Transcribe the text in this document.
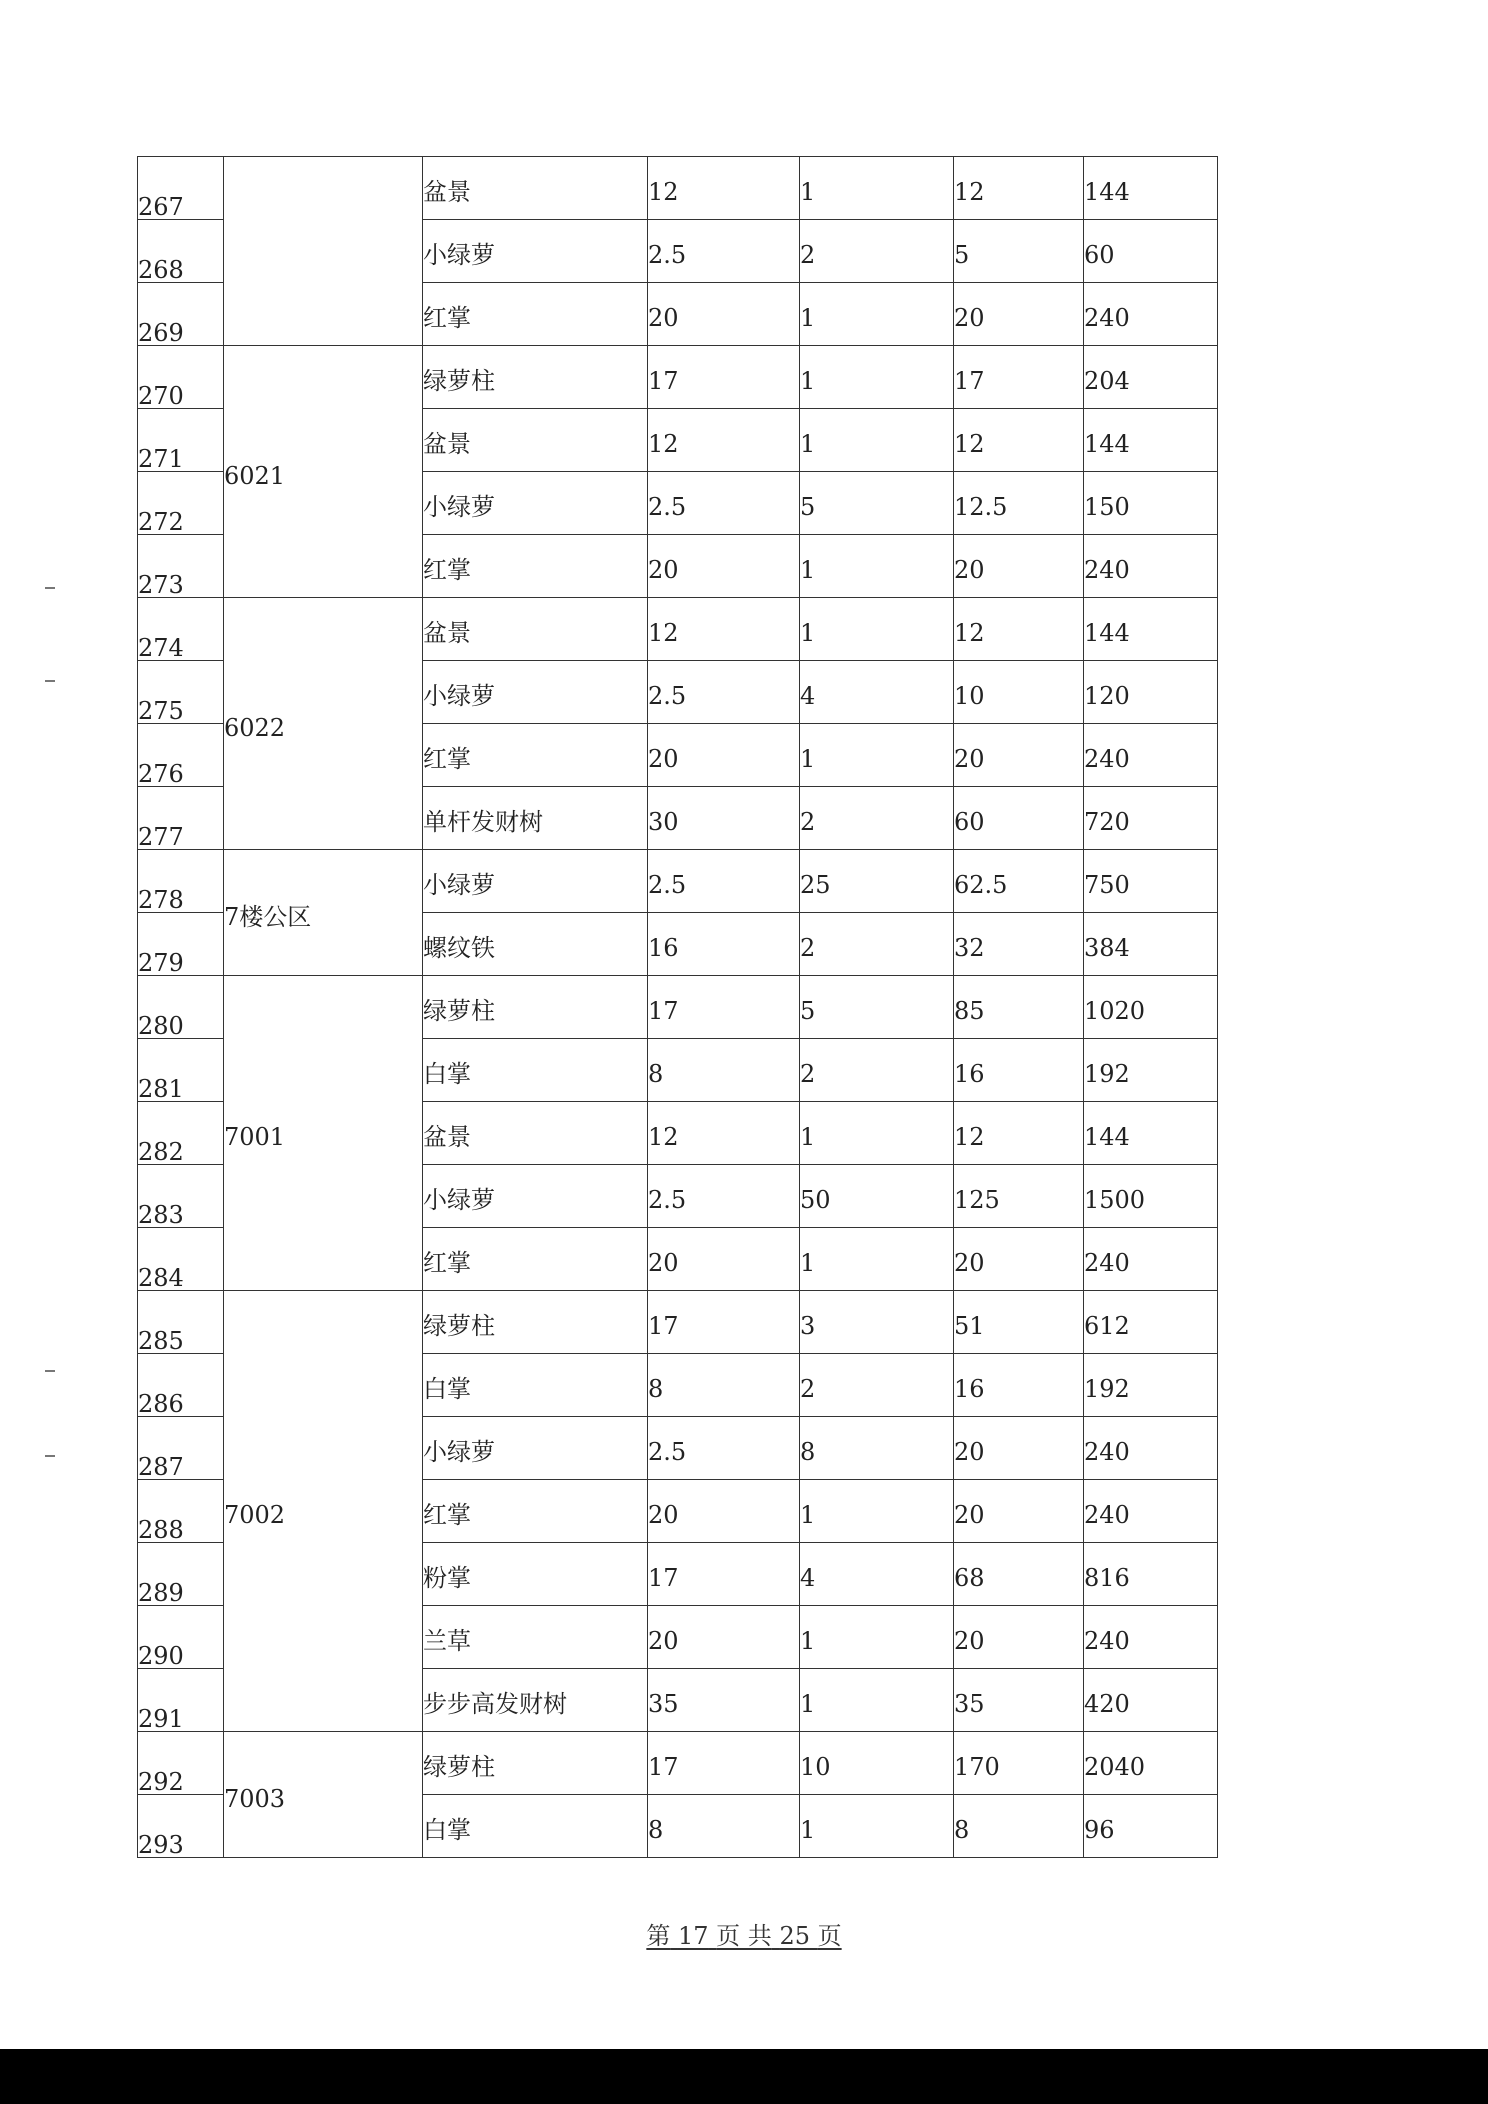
267		盆景	12	1	12	144
268		小绿萝	2.5	2	5	60
269		红掌	20	1	20	240
270	6021	绿萝柱	17	1	17	204
271		盆景	12	1	12	144
272		小绿萝	2.5	5	12.5	150
273		红掌	20	1	20	240
274	6022	盆景	12	1	12	144
275		小绿萝	2.5	4	10	120
276		红掌	20	1	20	240
277		单杆发财树	30	2	60	720
278	7楼公区	小绿萝	2.5	25	62.5	750
279		螺纹铁	16	2	32	384
280	7001	绿萝柱	17	5	85	1020
281		白掌	8	2	16	192
282		盆景	12	1	12	144
283		小绿萝	2.5	50	125	1500
284		红掌	20	1	20	240
285	7002	绿萝柱	17	3	51	612
286		白掌	8	2	16	192
287		小绿萝	2.5	8	20	240
288		红掌	20	1	20	240
289		粉掌	17	4	68	816
290		兰草	20	1	20	240
291		步步高发财树	35	1	35	420
292	7003	绿萝柱	17	10	170	2040
293		白掌	8	1	8	96
第 17 页 共 25 页
